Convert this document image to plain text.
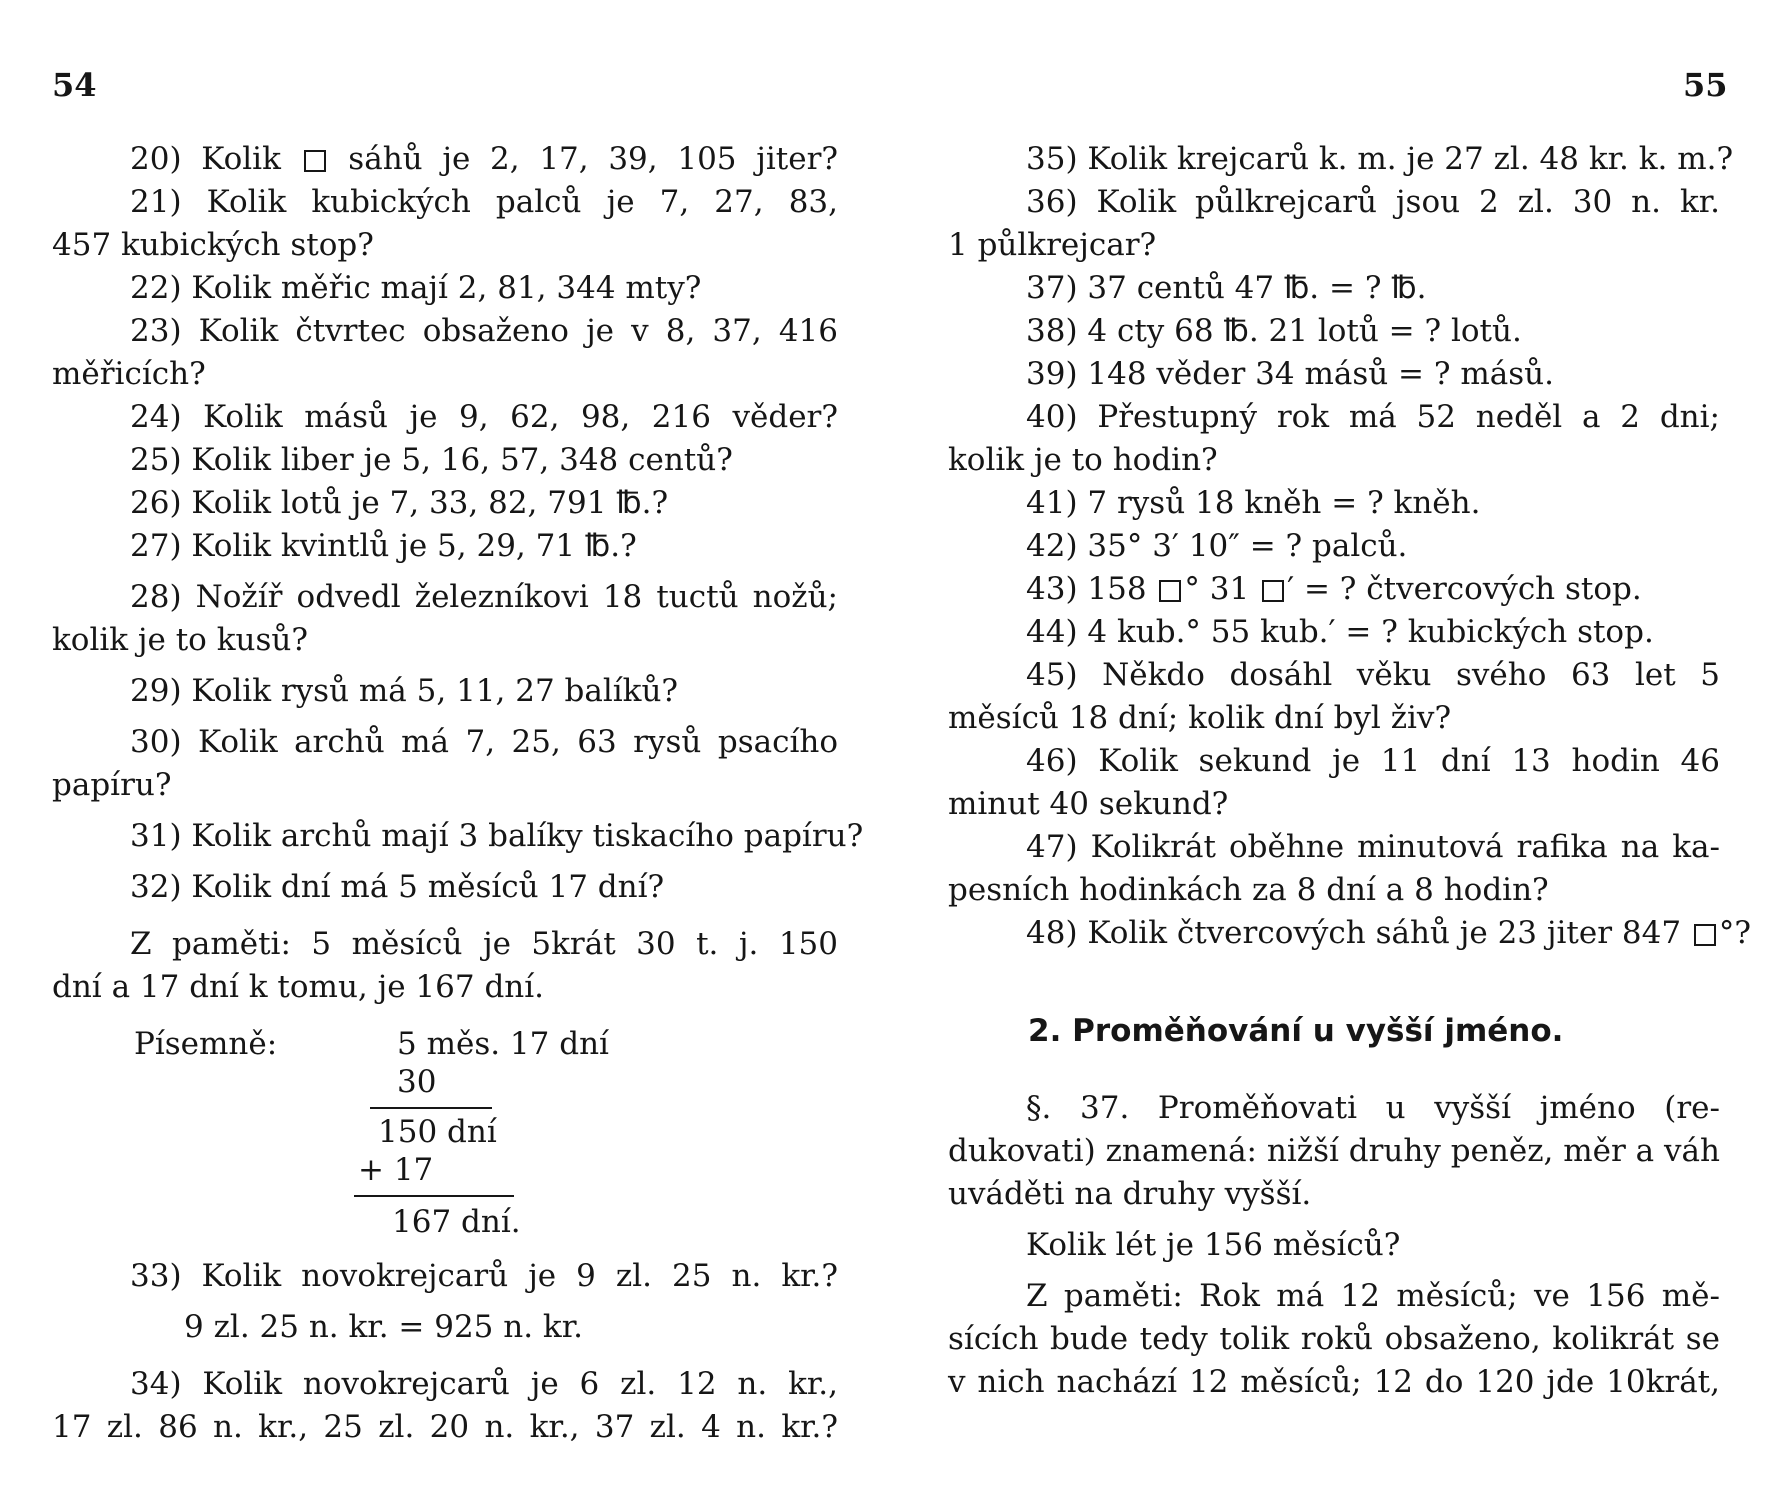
54	55
20) Kolik  sáhů je 2, 17, 39, 105 jiter?
21) Kolik kubických palců je 7, 27, 83,
457 kubických stop?
22) Kolik měřic mají 2, 81, 344 mty?
23) Kolik čtvrtec obsaženo je v 8, 37, 416
měřicích?
24) Kolik másů je 9, 62, 98, 216 věder?
25) Kolik liber je 5, 16, 57, 348 centů?
26) Kolik lotů je 7, 33, 82, 791 ℔.?
27) Kolik kvintlů je 5, 29, 71 ℔.?
28) Nožíř odvedl železníkovi 18 tuctů nožů;
kolik je to kusů?
29) Kolik rysů má 5, 11, 27 balíků?
30) Kolik archů má 7, 25, 63 rysů psacího
papíru?
31) Kolik archů mají 3 balíky tiskacího papíru?
32) Kolik dní má 5 měsíců 17 dní?
Z paměti: 5 měsíců je 5krát 30 t. j. 150
dní a 17 dní k tomu, je 167 dní.
Písemně:	5 měs. 17 dní
30
150 dní
+ 17
167 dní.
33) Kolik novokrejcarů je 9 zl. 25 n. kr.?
9 zl. 25 n. kr. = 925 n. kr.
34) Kolik novokrejcarů je 6 zl. 12 n. kr.,
17 zl. 86 n. kr., 25 zl. 20 n. kr., 37 zl. 4 n. kr.?
35) Kolik krejcarů k. m. je 27 zl. 48 kr. k. m.?
36) Kolik půlkrejcarů jsou 2 zl. 30 n. kr.
1 půlkrejcar?
37) 37 centů 47 ℔. = ? ℔.
38) 4 cty 68 ℔. 21 lotů = ? lotů.
39) 148 věder 34 másů = ? másů.
40) Přestupný rok má 52 neděl a 2 dni;
kolik je to hodin?
41) 7 rysů 18 kněh = ? kněh.
42) 35° 3′ 10″ = ? palců.
43) 158 ° 31 ′ = ? čtvercových stop.
44) 4 kub.° 55 kub.′ = ? kubických stop.
45) Někdo dosáhl věku svého 63 let 5
měsíců 18 dní; kolik dní byl živ?
46) Kolik sekund je 11 dní 13 hodin 46
minut 40 sekund?
47) Kolikrát oběhne minutová rafika na ka-
pesních hodinkách za 8 dní a 8 hodin?
48) Kolik čtvercových sáhů je 23 jiter 847 °?
2. Proměňování u vyšší jméno.
§. 37. Proměňovati u vyšší jméno (re-
dukovati) znamená: nižší druhy peněz, měr a váh
uváděti na druhy vyšší.
Kolik lét je 156 měsíců?
Z paměti: Rok má 12 měsíců; ve 156 mě-
sících bude tedy tolik roků obsaženo, kolikrát se
v nich nachází 12 měsíců; 12 do 120 jde 10krát,
